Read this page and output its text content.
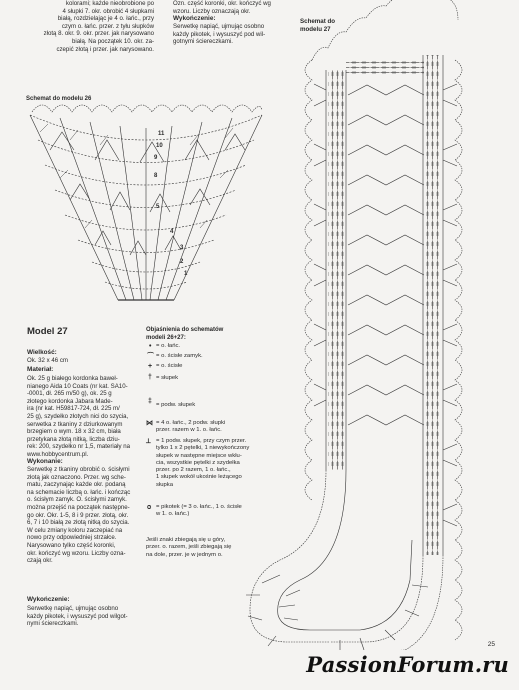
kolorami; każde nieobrobione po
4 słupki 7. okr. obrobić 4 słupkami
białą, rozdzielając je 4 o. łańc., przy
czym o. łańc. przer. z tyłu słupków
złotą 8. okr. 9. okr. przer. jak narysowano
białą. Na początek 10. okr. za-
czepić złotą i przer. jak narysowano.
Ozn. część koronki, okr. kończyć wg
wzoru. Liczby oznaczają okr.
Wykończenie:
Serwetkę napiąć, ujmując osobno
każdy pikotek, i wysuszyć pod wil-
gotnymi ściereczkami.
Schemat do modelu 26
Schemat do
modelu 27
11
10
9
8
5
4
3
2
1
Model 27
Wielkość:
Ok. 32 x 46 cm
Materiał:
Ok. 25 g białego kordonka baweł-
nianego Aida 10 Coats (nr kat. SA10-
-0001, dł. 265 m/50 g), ok. 25 g
złotego kordonka Jabara Made-
ira (nr kat. H59817-724, dł. 225 m/
25 g), szydełko złotych nici do szycia,
serwetka z tkaniny z dziurkowanym
brzegiem o wym. 18 x 32 cm, biała
przetykana złotą nitką, liczba dziu-
rek: 200, szydełko nr 1,5, materiały na
www.hobbycentrum.pl.
Wykonanie:
Serwetkę z tkaniny obrobić o. ścisłymi
złotą jak oznaczono. Przer. wg sche-
matu, zaczynając każde okr. podaną
na schemacie liczbą o. łańc. i kończąc
o. ścisłym zamyk. O. ścisłymi zamyk.
można przejść na początek następne-
go okr. Okr. 1-5, 8 i 9 przer. złotą, okr.
6, 7 i 10 białą ze złotą nitką do szycia.
W celu zmiany koloru zaczepiać na
nowo przy odpowiedniej strzałce.
Narysowano tylko część koronki,
okr. kończyć wg wzoru. Liczby ozna-
czają okr.
Wykończenie:
Serwetkę napiąć, ujmując osobno
każdy pikotek, i wysuszyć pod wilgot-
nymi ściereczkami.
Objaśnienia do schematów
modeli 26+27:
• = o. łańc.
⌒ = o. ścisłe zamyk.
+ = o. ścisłe
† = słupek
‡ = podw. słupek
⋈ = 4 o. łańc., 2 podw. słupki
przer. razem w 1. o. łańc.
⟂ = 1 podw. słupek, przy czym przer.
tylko 1 x 2 pętelki, 1 niewykończony
słupek w następne miejsce wkłu-
cia, wszystkie pętelki z szydełka
przer. po 2 razem, 1 o. łańc.,
1 słupek wokół ukośnie leżącego
słupka
ᴑ = pikotek (= 3 o. łańc., 1 o. ścisłe
w 1. o. łańc.)
Jeśli znaki zbiegają się u góry,
przer. o. razem, jeśli zbiegają się
na dole, przer. je w jednym o.
25
PassionForum.ru
